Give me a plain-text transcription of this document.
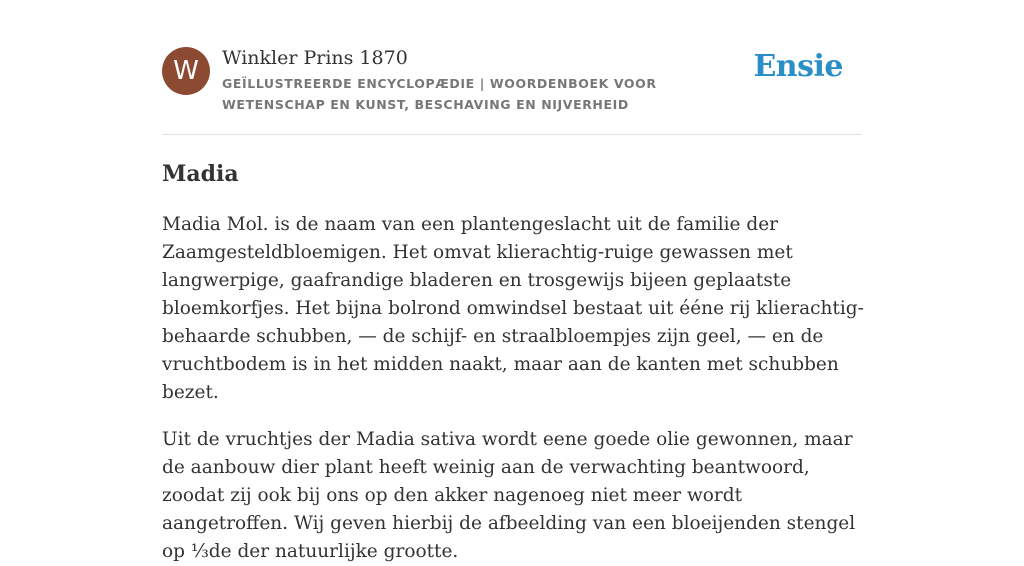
W	Winkler Prins 1870
GEÏLLUSTREERDE ENCYCLOPÆDIE | WOORDENBOEK VOOR WETENSCHAP EN KUNST, BESCHAVING EN NIJVERHEID
Ensie
Madia

Madia Mol. is de naam van een plantengeslacht uit de familie der Zaamgesteldbloemigen. Het omvat klierachtig-ruige gewassen met langwerpige, gaafrandige bladeren en trosgewijs bijeen geplaatste bloemkorfjes. Het bijna bolrond omwindsel bestaat uit ééne rij klierachtig-behaarde schubben, — de schijf- en straalbloempjes zijn geel, — en de vruchtbodem is in het midden naakt, maar aan de kanten met schubben bezet.

Uit de vruchtjes der Madia sativa wordt eene goede olie gewonnen, maar de aanbouw dier plant heeft weinig aan de verwachting beantwoord, zoodat zij ook bij ons op den akker nagenoeg niet meer wordt aangetroffen. Wij geven hierbij de afbeelding van een bloeijenden stengel op ⅓de der natuurlijke grootte.
